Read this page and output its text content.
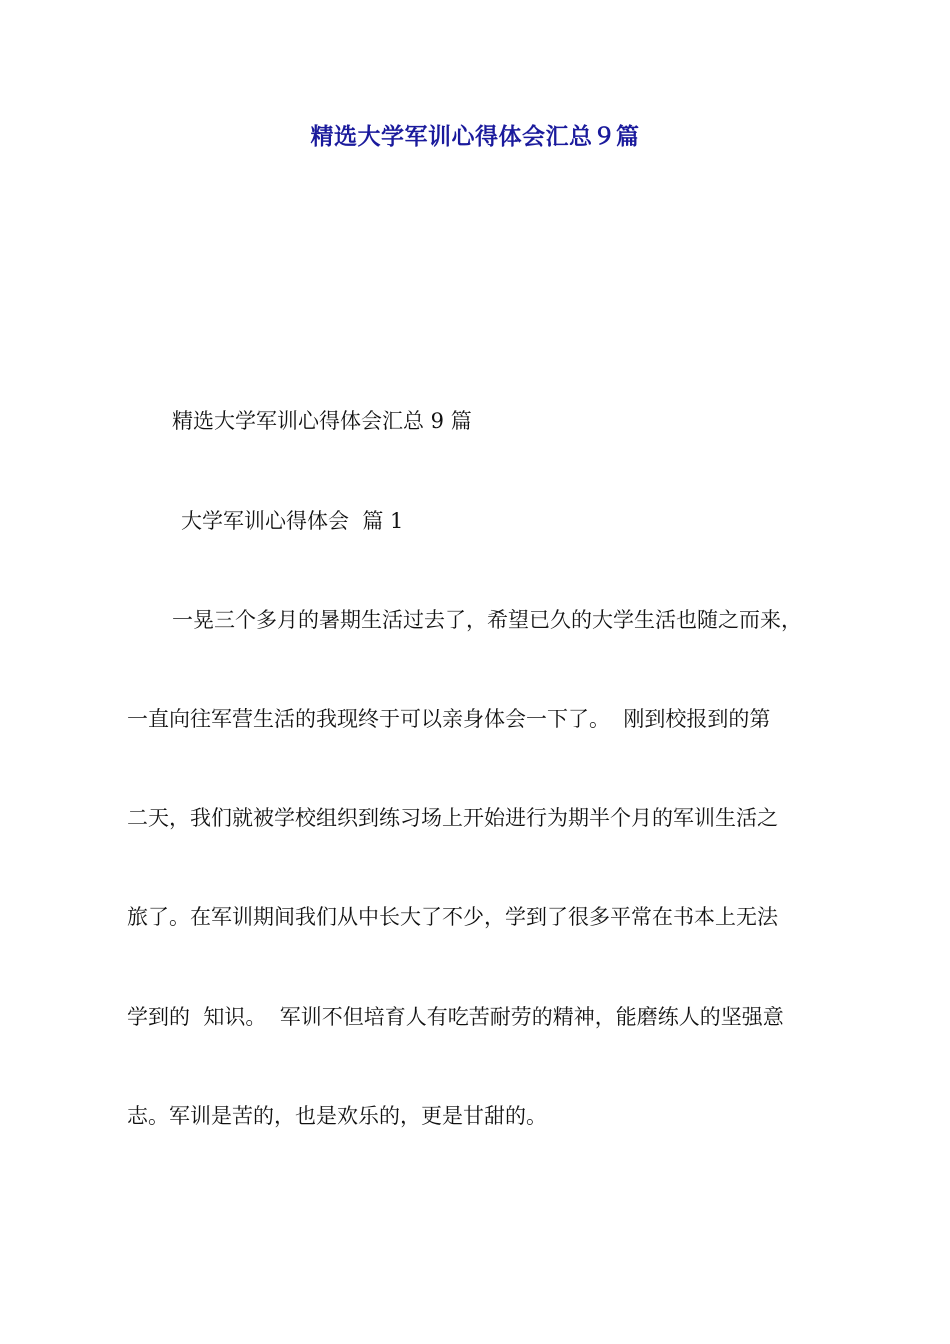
精选大学军训心得体会汇总９篇

精选大学军训心得体会汇总 9 篇

大学军训心得体会  篇 1

一晃三个多月的暑期生活过去了，希望已久的大学生活也随之而来，

一直向往军营生活的我现终于可以亲身体会一下了。  刚到校报到的第

二天，我们就被学校组织到练习场上开始进行为期半个月的军训生活之

旅了。在军训期间我们从中长大了不少，学到了很多平常在书本上无法

学到的  知识。  军训不但培育人有吃苦耐劳的精神，能磨练人的坚强意

志。军训是苦的，也是欢乐的，更是甘甜的。
